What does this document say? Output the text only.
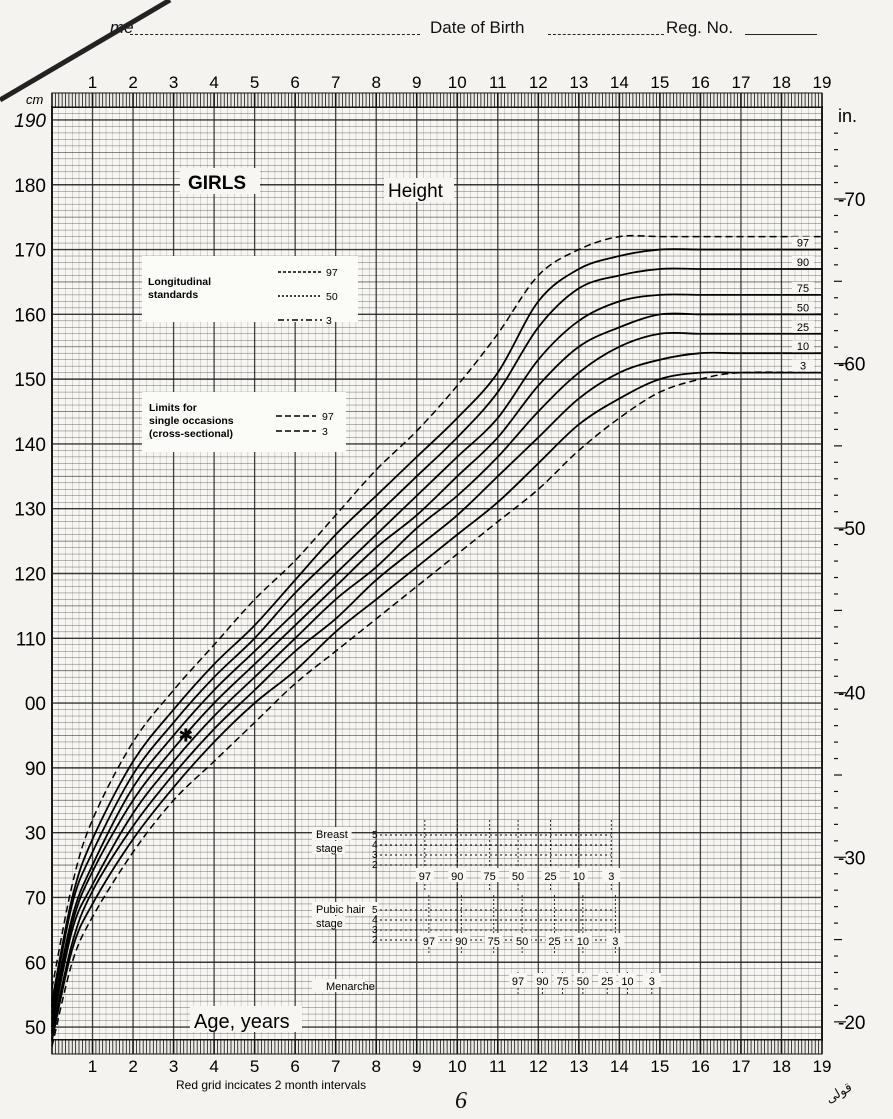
me	Date of Birth	Reg. No.
✱
1
1
2
2
3
3
4
4
5
5
6
6
7
7
8
8
9
9
10
10
11
11
12
12
13
13
14
14
15
15
16
16
17
17
18
18
19
19
190
180
170
160
150
140
130
120
110
00
90
30
70
60
50
cm
in.
-20
-30
-40
-50
-60
-70
GIRLS	Height
Age, years
Red grid incicates 2 month intervals
97
90
75
50
25
10
3
Longitudinal
standards
97
50
3
Limits for
single occasions
(cross-sectional)
97
3
Breast
stage
5
4
3
2
97 90 75 50 25 10 3
Pubic hair
stage
5
4
3
2	97 90 75 50 25 10 3
Menarche	97 90 75 50 25 10 3
6	قولى
